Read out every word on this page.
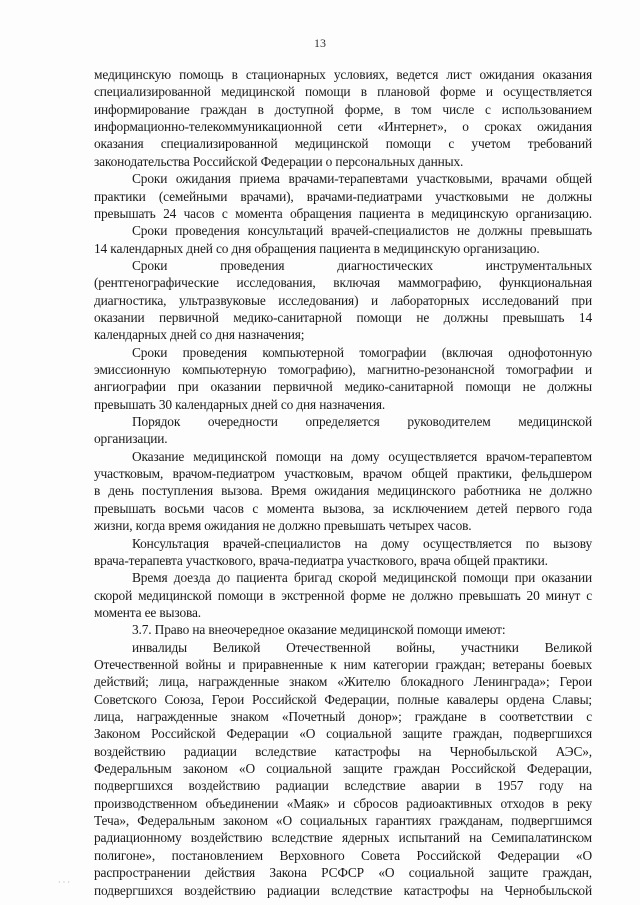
13
медицинскую помощь в стационарных условиях, ведется лист ожидания оказания
специализированной медицинской помощи в плановой форме и осуществляется
информирование граждан в доступной форме, в том числе с использованием
информационно-телекоммуникационной сети «Интернет», о сроках ожидания
оказания специализированной медицинской помощи с учетом требований
законодательства Российской Федерации о персональных данных.
Сроки ожидания приема врачами-терапевтами участковыми, врачами общей
практики (семейными врачами), врачами-педиатрами участковыми не должны
превышать 24 часов с момента обращения пациента в медицинскую организацию.
Сроки проведения консультаций врачей-специалистов не должны превышать
14 календарных дней со дня обращения пациента в медицинскую организацию.
Сроки проведения диагностических инструментальных
(рентгенографические исследования, включая маммографию, функциональная
диагностика, ультразвуковые исследования) и лабораторных исследований при
оказании первичной медико-санитарной помощи не должны превышать 14
календарных дней со дня назначения;
Сроки проведения компьютерной томографии (включая однофотонную
эмиссионную компьютерную томографию), магнитно-резонансной томографии и
ангиографии при оказании первичной медико-санитарной помощи не должны
превышать 30 календарных дней со дня назначения.
Порядок очередности определяется руководителем медицинской
организации.
Оказание медицинской помощи на дому осуществляется врачом-терапевтом
участковым, врачом-педиатром участковым, врачом общей практики, фельдшером
в день поступления вызова. Время ожидания медицинского работника не должно
превышать восьми часов с момента вызова, за исключением детей первого года
жизни, когда время ожидания не должно превышать четырех часов.
Консультация врачей-специалистов на дому осуществляется по вызову
врача-терапевта участкового, врача-педиатра участкового, врача общей практики.
Время доезда до пациента бригад скорой медицинской помощи при оказании
скорой медицинской помощи в экстренной форме не должно превышать 20 минут с
момента ее вызова.
3.7. Право на внеочередное оказание медицинской помощи имеют:
инвалиды Великой Отечественной войны, участники Великой
Отечественной войны и приравненные к ним категории граждан; ветераны боевых
действий; лица, награжденные знаком «Жителю блокадного Ленинграда»; Герои
Советского Союза, Герои Российской Федерации, полные кавалеры ордена Славы;
лица, награжденные знаком «Почетный донор»; граждане в соответствии с
Законом Российской Федерации «О социальной защите граждан, подвергшихся
воздействию радиации вследствие катастрофы на Чернобыльской АЭС»,
Федеральным законом «О социальной защите граждан Российской Федерации,
подвергшихся воздействию радиации вследствие аварии в 1957 году на
производственном объединении «Маяк» и сбросов радиоактивных отходов в реку
Теча», Федеральным законом «О социальных гарантиях гражданам, подвергшимся
радиационному воздействию вследствие ядерных испытаний на Семипалатинском
полигоне», постановлением Верховного Совета Российской Федерации «О
распространении действия Закона РСФСР «О социальной защите граждан,
подвергшихся воздействию радиации вследствие катастрофы на Чернобыльской
· · ·
